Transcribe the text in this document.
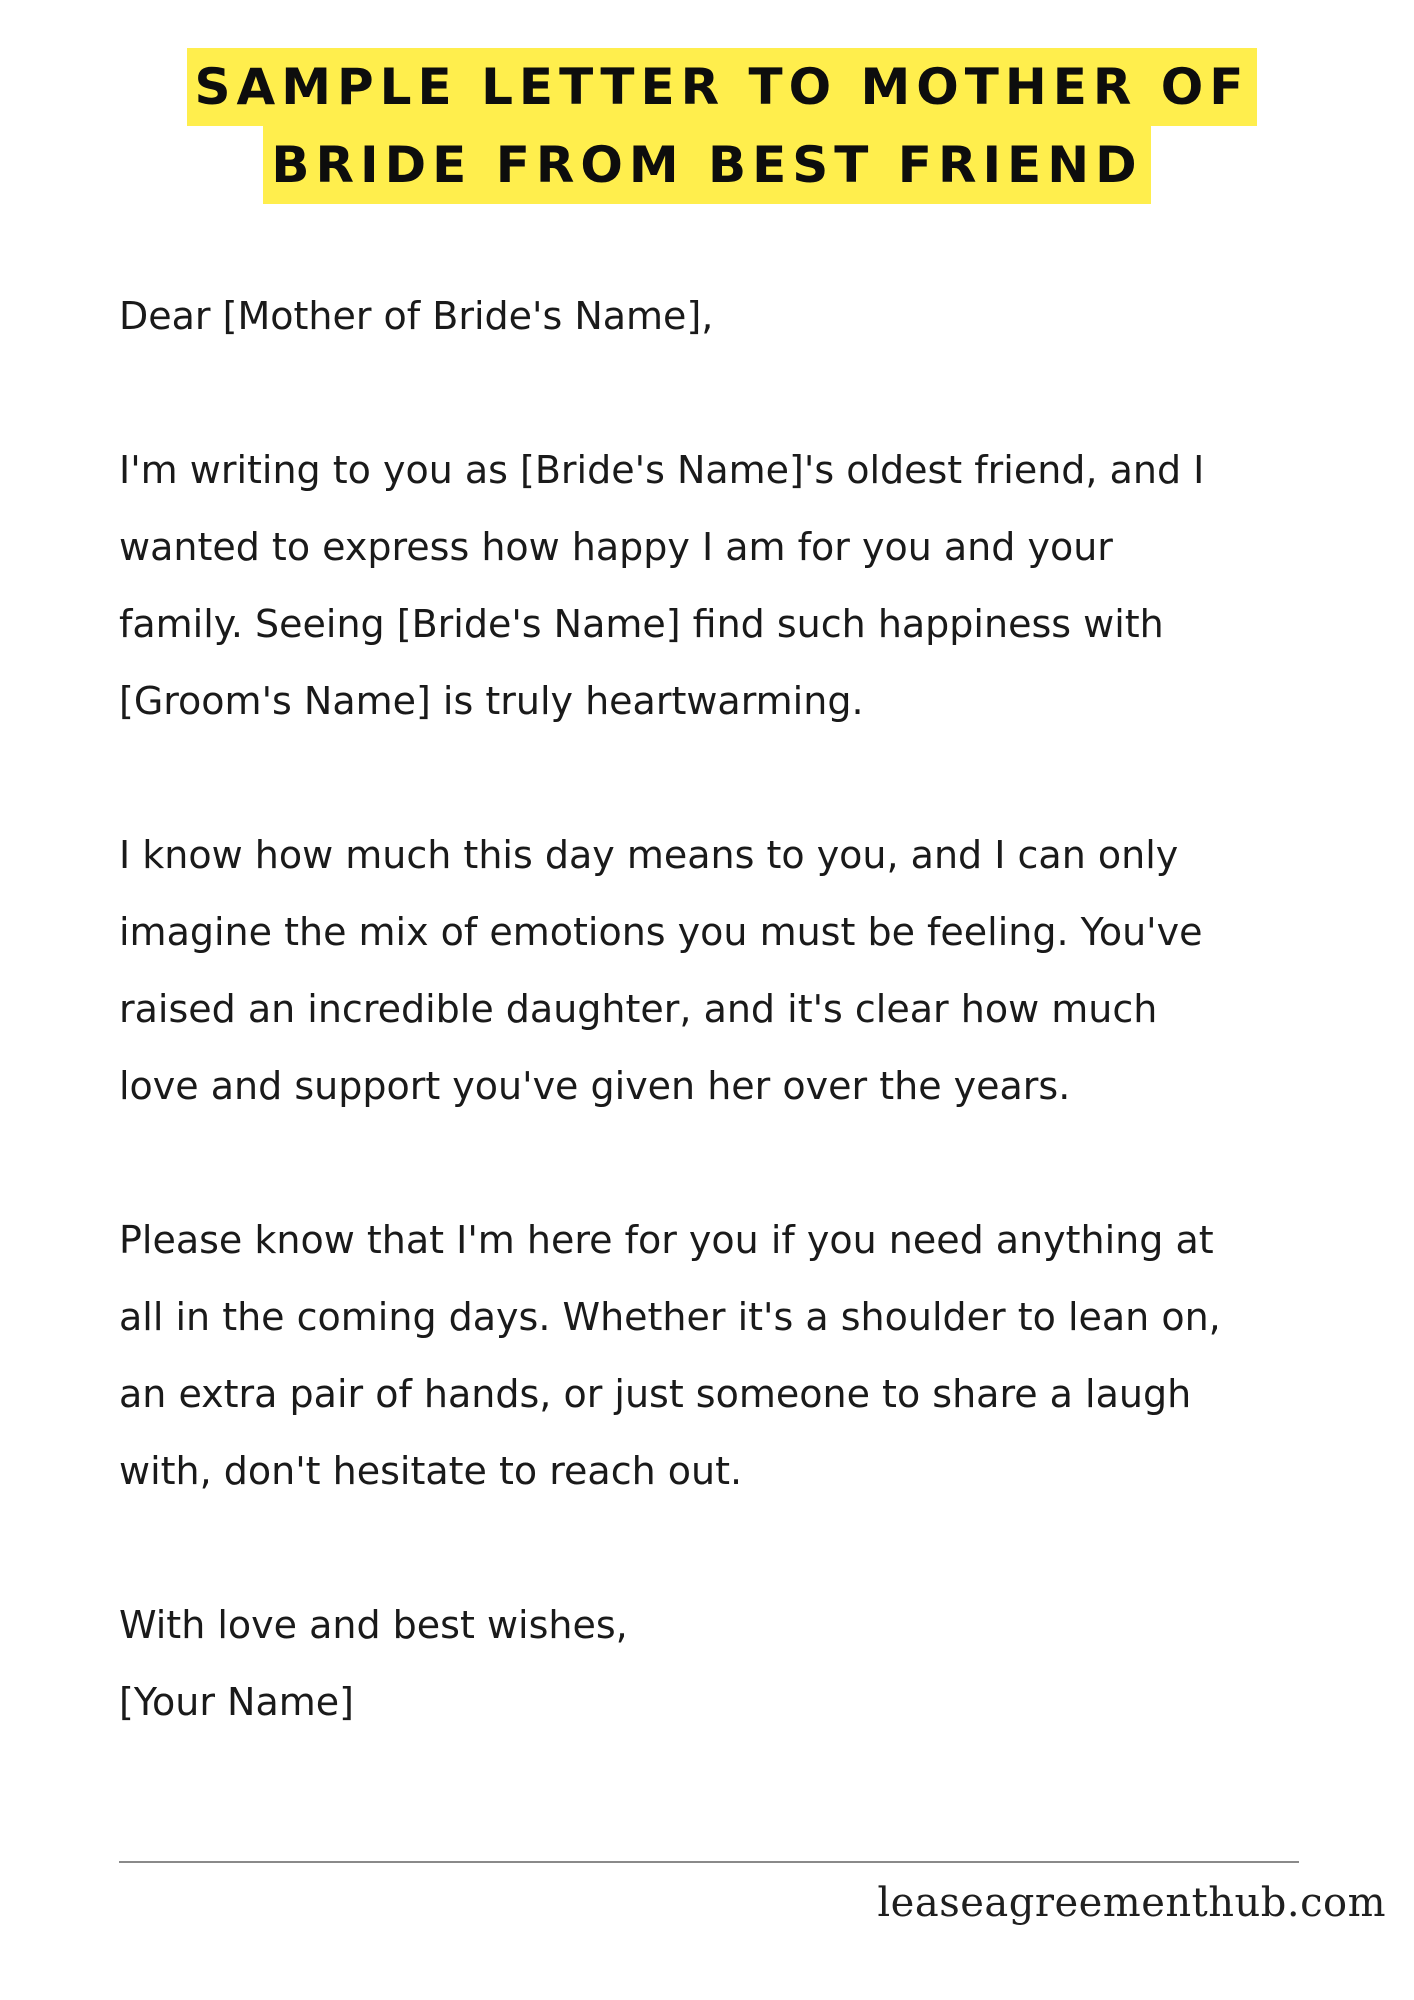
SAMPLE LETTER TO MOTHER OF
BRIDE FROM BEST FRIEND

Dear [Mother of Bride's Name],

I'm writing to you as [Bride's Name]'s oldest friend, and I

wanted to express how happy I am for you and your

family. Seeing [Bride's Name] find such happiness with

[Groom's Name] is truly heartwarming.

I know how much this day means to you, and I can only

imagine the mix of emotions you must be feeling. You've

raised an incredible daughter, and it's clear how much

love and support you've given her over the years.

Please know that I'm here for you if you need anything at

all in the coming days. Whether it's a shoulder to lean on,

an extra pair of hands, or just someone to share a laugh

with, don't hesitate to reach out.

With love and best wishes,

[Your Name]

leaseagreementhub.com
